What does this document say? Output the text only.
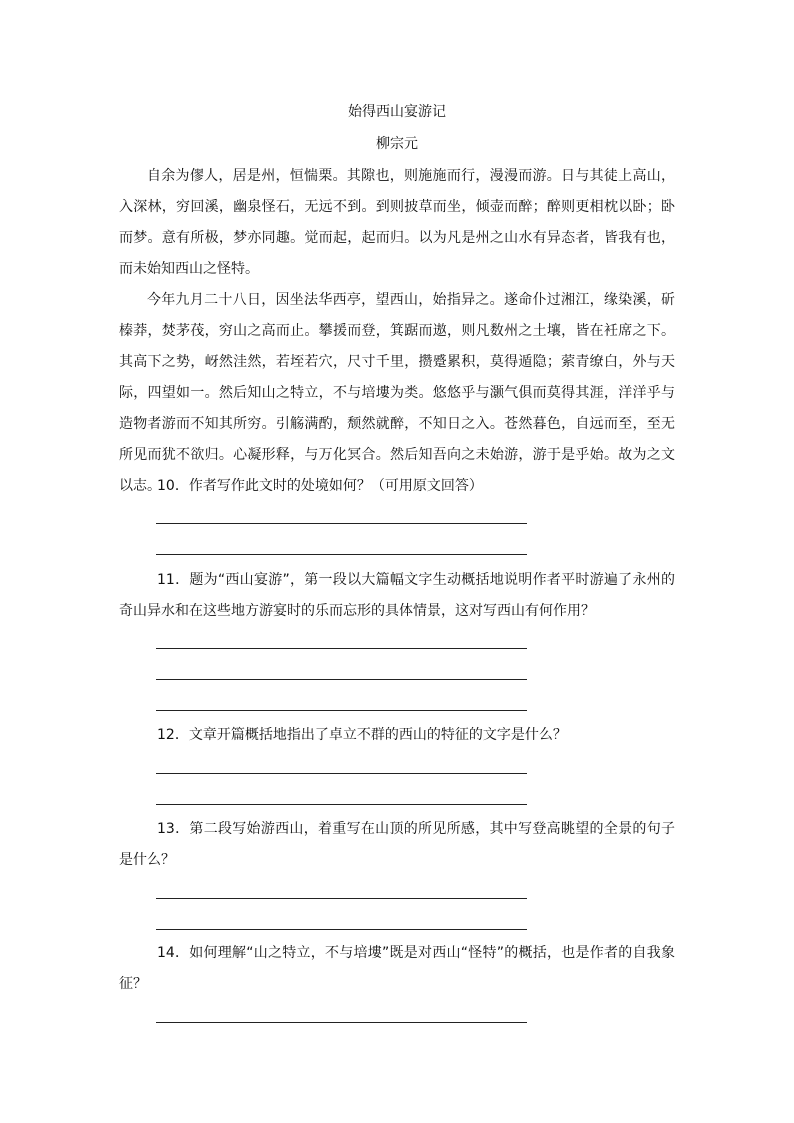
始得西山宴游记
柳宗元

自余为僇人，居是州，恒惴栗。其隙也，则施施而行，漫漫而游。日与其徒上高山，入深林，穷回溪，幽泉怪石，无远不到。到则披草而坐，倾壶而醉；醉则更相枕以卧；卧而梦。意有所极，梦亦同趣。觉而起，起而归。以为凡是州之山水有异态者，皆我有也，而未始知西山之怪特。

今年九月二十八日，因坐法华西亭，望西山，始指异之。遂命仆过湘江，缘染溪，斫榛莽，焚茅茷，穷山之高而止。攀援而登，箕踞而遨，则凡数州之土壤，皆在衽席之下。其高下之势，岈然洼然，若垤若穴，尺寸千里，攒蹙累积，莫得遁隐；萦青缭白，外与天际，四望如一。然后知山之特立，不与培塿为类。悠悠乎与灏气俱而莫得其涯，洋洋乎与造物者游而不知其所穷。引觞满酌，颓然就醉，不知日之入。苍然暮色，自远而至，至无所见而犹不欲归。心凝形释，与万化冥合。然后知吾向之未始游，游于是乎始。故为之文以志。

10．作者写作此文时的处境如何？（可用原文回答）

11．题为“西山宴游”，第一段以大篇幅文字生动概括地说明作者平时游遍了永州的奇山异水和在这些地方游宴时的乐而忘形的具体情景，这对写西山有何作用？

12．文章开篇概括地指出了卓立不群的西山的特征的文字是什么？

13．第二段写始游西山，着重写在山顶的所见所感，其中写登高眺望的全景的句子是什么？

14．如何理解“山之特立，不与培塿”既是对西山“怪特”的概括，也是作者的自我象征？
